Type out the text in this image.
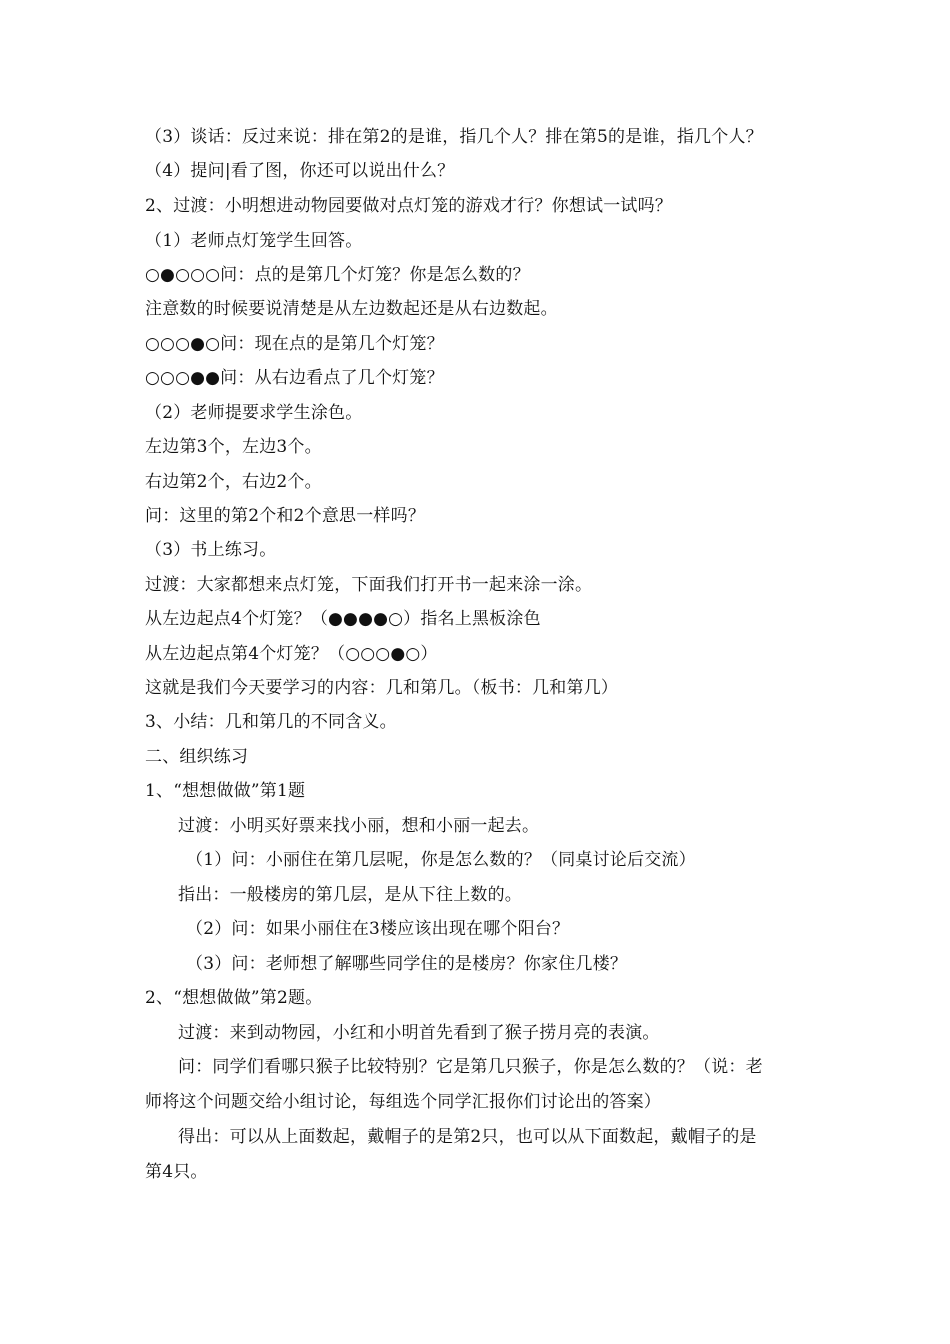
（3）谈话：反过来说：排在第2的是谁，指几个人？排在第5的是谁，指几个人？
（4）提问|看了图，你还可以说出什么？
2、过渡：小明想进动物园要做对点灯笼的游戏才行？你想试一试吗？
（1）老师点灯笼学生回答。
○●○○○问：点的是第几个灯笼？你是怎么数的？
注意数的时候要说清楚是从左边数起还是从右边数起。
○○○●○问：现在点的是第几个灯笼？
○○○●●问：从右边看点了几个灯笼？
（2）老师提要求学生涂色。
左边第3个，左边3个。
右边第2个，右边2个。
问：这里的第2个和2个意思一样吗？
（3）书上练习。
过渡：大家都想来点灯笼，下面我们打开书一起来涂一涂。
从左边起点4个灯笼？（●●●●○）指名上黑板涂色
从左边起点第4个灯笼？（○○○●○）
这就是我们今天要学习的内容：几和第几。（板书：几和第几）
3、小结：几和第几的不同含义。
二、组织练习
1、“想想做做”第1题
过渡：小明买好票来找小丽，想和小丽一起去。
（1）问：小丽住在第几层呢，你是怎么数的？（同桌讨论后交流）
指出：一般楼房的第几层，是从下往上数的。
（2）问：如果小丽住在3楼应该出现在哪个阳台？
（3）问：老师想了解哪些同学住的是楼房？你家住几楼？
2、“想想做做”第2题。
过渡：来到动物园，小红和小明首先看到了猴子捞月亮的表演。
问：同学们看哪只猴子比较特别？它是第几只猴子，你是怎么数的？（说：老
师将这个问题交给小组讨论，每组选个同学汇报你们讨论出的答案）
得出：可以从上面数起，戴帽子的是第2只，也可以从下面数起，戴帽子的是
第4只。
